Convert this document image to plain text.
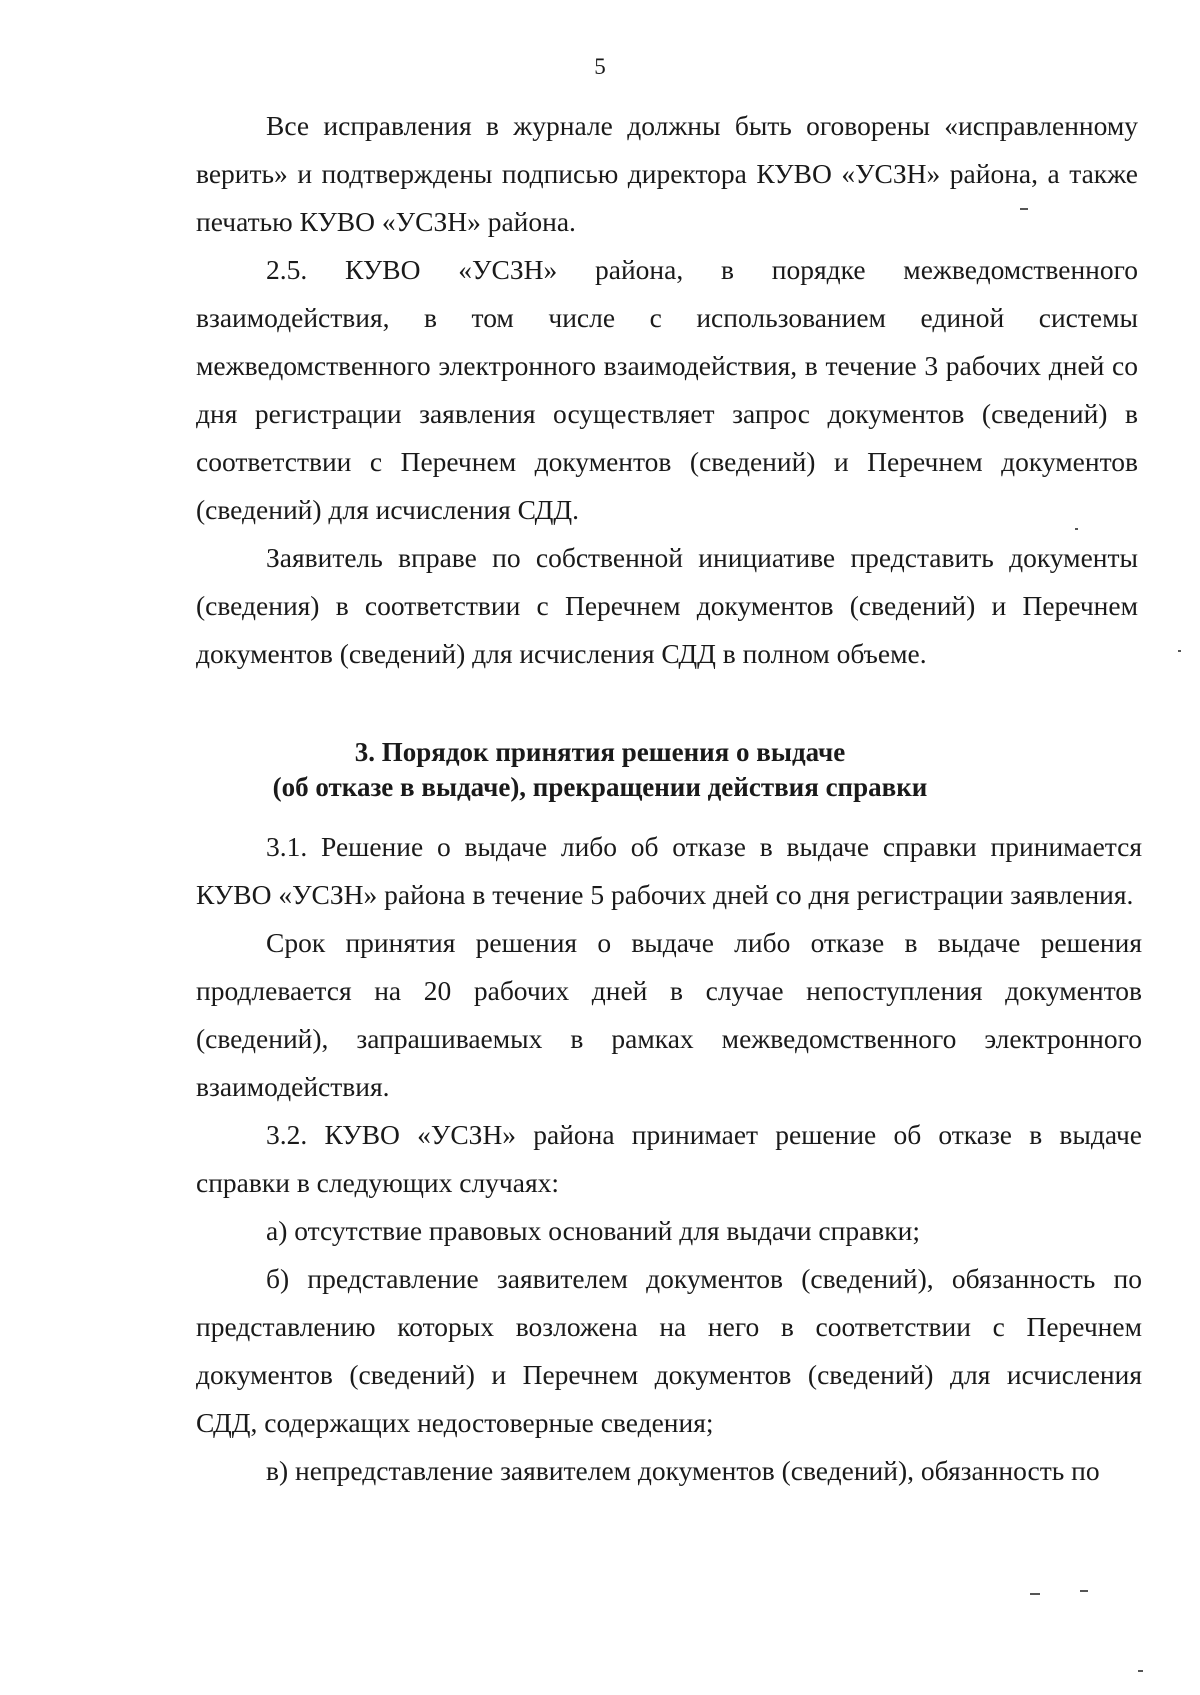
5

Все исправления в журнале должны быть оговорены «исправленному верить» и подтверждены подписью директора КУВО «УСЗН» района, а также печатью КУВО «УСЗН» района.

2.5. КУВО «УСЗН» района, в порядке межведомственного взаимодействия, в том числе с использованием единой системы межведомственного электронного взаимодействия, в течение 3 рабочих дней со дня регистрации заявления осуществляет запрос документов (сведений) в соответствии с Перечнем документов (сведений) и Перечнем документов (сведений) для исчисления СДД.

Заявитель вправе по собственной инициативе представить документы (сведения) в соответствии с Перечнем документов (сведений) и Перечнем документов (сведений) для исчисления СДД в полном объеме.

3. Порядок принятия решения о выдаче
(об отказе в выдаче), прекращении действия справки

3.1. Решение о выдаче либо об отказе в выдаче справки принимается КУВО «УСЗН» района в течение 5 рабочих дней со дня регистрации заявления.

Срок принятия решения о выдаче либо отказе в выдаче решения продлевается на 20 рабочих дней в случае непоступления документов (сведений), запрашиваемых в рамках межведомственного электронного взаимодействия.

3.2. КУВО «УСЗН» района принимает решение об отказе в выдаче справки в следующих случаях:

а) отсутствие правовых оснований для выдачи справки;

б) представление заявителем документов (сведений), обязанность по представлению которых возложена на него в соответствии с Перечнем документов (сведений) и Перечнем документов (сведений) для исчисления СДД, содержащих недостоверные сведения;

в) непредставление заявителем документов (сведений), обязанность по
